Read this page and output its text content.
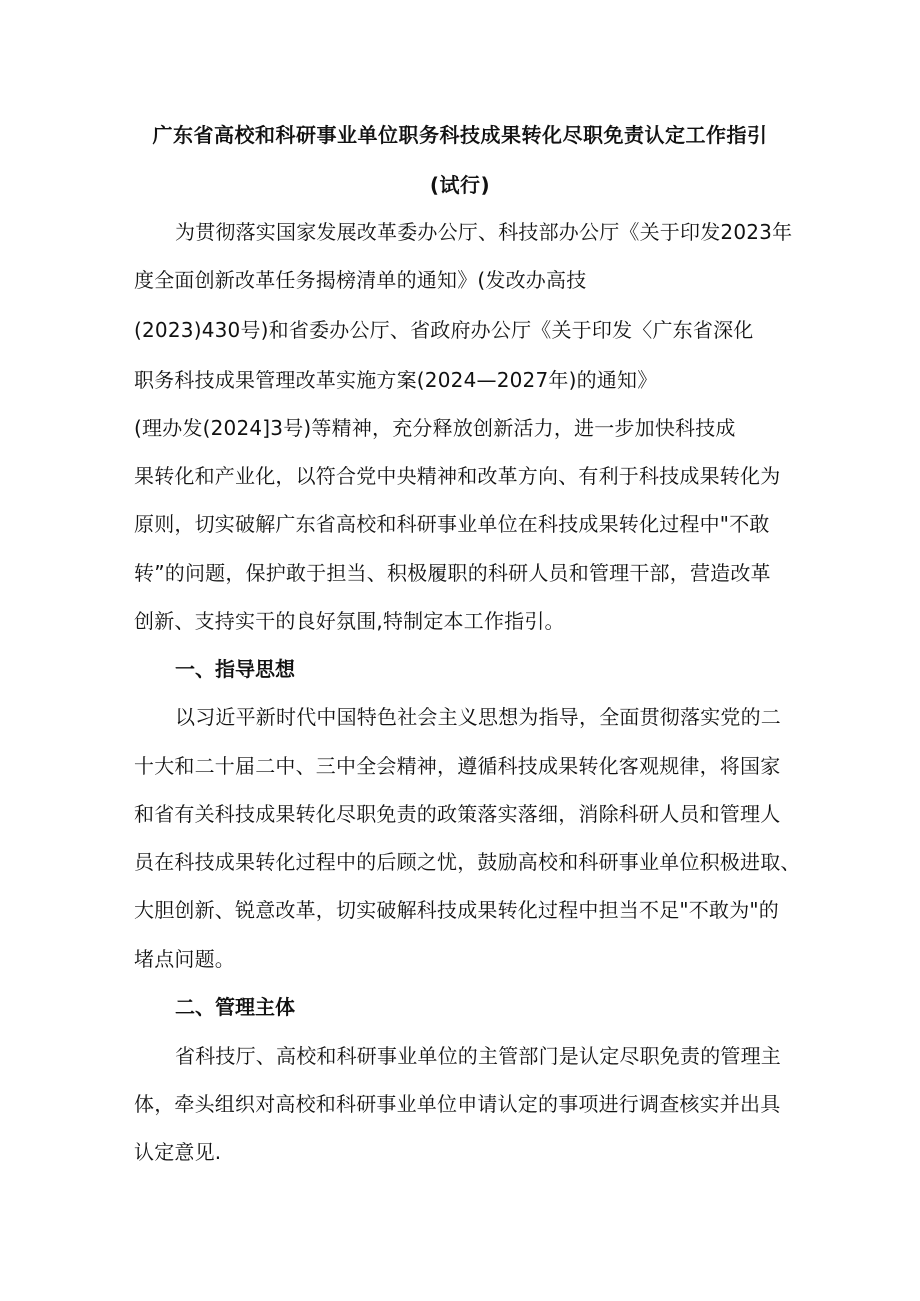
广东省高校和科研事业单位职务科技成果转化尽职免责认定工作指引
(试行)
为贯彻落实国家发展改革委办公厅、科技部办公厅《关于印发2023年
度全面创新改革任务揭榜清单的通知》(发改办高技
(2023)430号)和省委办公厅、省政府办公厅《关于印发〈广东省深化
职务科技成果管理改革实施方案(2024—2027年)的通知》
(理办发(2024]3号)等精神，充分释放创新活力，进一步加快科技成
果转化和产业化，以符合党中央精神和改革方向、有利于科技成果转化为
原则，切实破解广东省高校和科研事业单位在科技成果转化过程中"不敢
转”的问题，保护敢于担当、积极履职的科研人员和管理干部，营造改革
创新、支持实干的良好氛围,特制定本工作指引。
一、指导思想
以习近平新时代中国特色社会主义思想为指导，全面贯彻落实党的二
十大和二十届二中、三中全会精神，遵循科技成果转化客观规律，将国家
和省有关科技成果转化尽职免责的政策落实落细，消除科研人员和管理人
员在科技成果转化过程中的后顾之忧，鼓励高校和科研事业单位积极进取、
大胆创新、锐意改革，切实破解科技成果转化过程中担当不足"不敢为"的
堵点问题。
二、管理主体
省科技厅、高校和科研事业单位的主管部门是认定尽职免责的管理主
体，牵头组织对高校和科研事业单位申请认定的事项进行调查核实并出具
认定意见.
